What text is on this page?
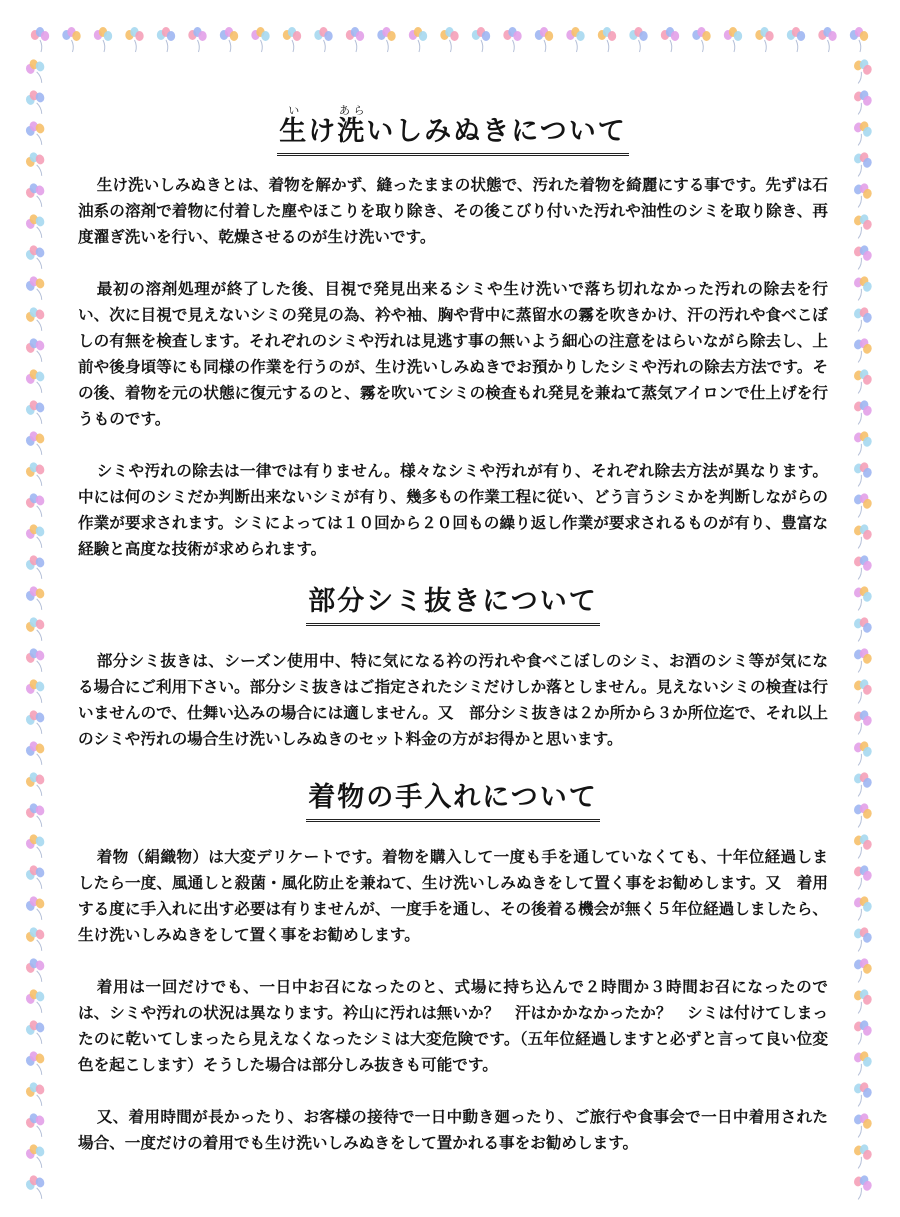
生いけ洗あらいしみぬきについて

生け洗いしみぬきとは、着物を解かず、縫ったままの状態で、汚れた着物を綺麗にする事です。先ずは石油系の溶剤で着物に付着した塵やほこりを取り除き、その後こびり付いた汚れや油性のシミを取り除き、再度濯ぎ洗いを行い、乾燥させるのが生け洗いです。

最初の溶剤処理が終了した後、目視で発見出来るシミや生け洗いで落ち切れなかった汚れの除去を行い、次に目視で見えないシミの発見の為、衿や袖、胸や背中に蒸留水の霧を吹きかけ、汗の汚れや食べこぼしの有無を検査します。それぞれのシミや汚れは見逃す事の無いよう細心の注意をはらいながら除去し、上前や後身頃等にも同様の作業を行うのが、生け洗いしみぬきでお預かりしたシミや汚れの除去方法です。その後、着物を元の状態に復元するのと、霧を吹いてシミの検査もれ発見を兼ねて蒸気アイロンで仕上げを行うものです。

シミや汚れの除去は一律では有りません。様々なシミや汚れが有り、それぞれ除去方法が異なります。中には何のシミだか判断出来ないシミが有り、幾多もの作業工程に従い、どう言うシミかを判断しながらの作業が要求されます。シミによっては１０回から２０回もの繰り返し作業が要求されるものが有り、豊富な経験と高度な技術が求められます。

部分シミ抜きについて

部分シミ抜きは、シーズン使用中、特に気になる衿の汚れや食べこぼしのシミ、お酒のシミ等が気になる場合にご利用下さい。部分シミ抜きはご指定されたシミだけしか落としません。見えないシミの検査は行いませんので、仕舞い込みの場合には適しません。又　部分シミ抜きは２か所から３か所位迄で、それ以上のシミや汚れの場合生け洗いしみぬきのセット料金の方がお得かと思います。

着物の手入れについて

着物（絹織物）は大変デリケートです。着物を購入して一度も手を通していなくても、十年位経過しましたら一度、風通しと殺菌・風化防止を兼ねて、生け洗いしみぬきをして置く事をお勧めします。又　着用する度に手入れに出す必要は有りませんが、一度手を通し、その後着る機会が無く５年位経過しましたら、生け洗いしみぬきをして置く事をお勧めします。

着用は一回だけでも、一日中お召になったのと、式場に持ち込んで２時間か３時間お召になったのでは、シミや汚れの状況は異なります。衿山に汚れは無いか？　汗はかかなかったか？　シミは付けてしまったのに乾いてしまったら見えなくなったシミは大変危険です。（五年位経過しますと必ずと言って良い位変色を起こします）そうした場合は部分しみ抜きも可能です。

又、着用時間が長かったり、お客様の接待で一日中動き廻ったり、ご旅行や食事会で一日中着用された場合、一度だけの着用でも生け洗いしみぬきをして置かれる事をお勧めします。
